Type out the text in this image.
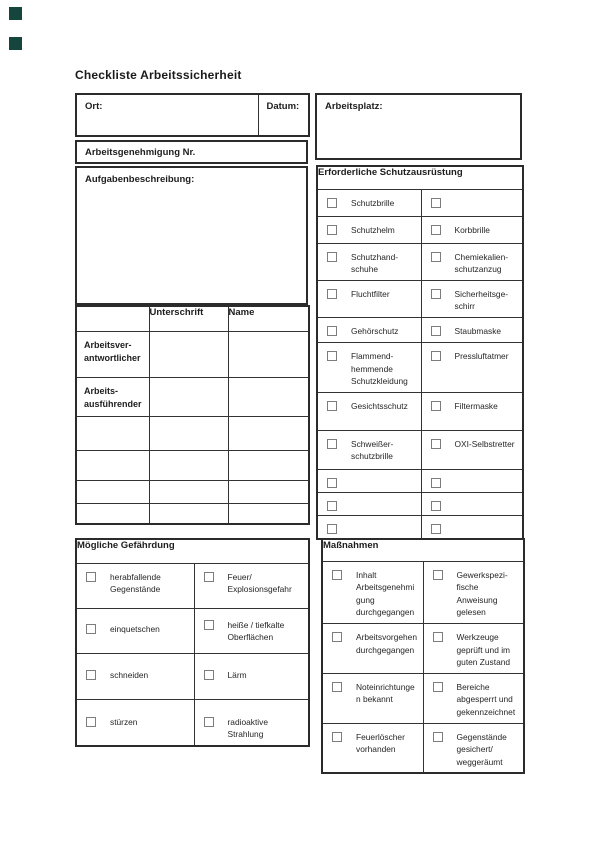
Checkliste Arbeitssicherheit
Ort:	Datum:
Arbeitsgenehmigung Nr.
Arbeitsplatz:
Aufgabenbeschreibung:
	Unterschrift	Name

Arbeitsver-antwortlicher		

Arbeits-ausführender		

Erforderliche Schutzausrüstung	

Schutzbrille	

Schutzhelm	Korbbrille

Schutzhand-schuhe	Chemiekalien-schutzanzug

Fluchtfilter	Sicherheitsge-schirr

Gehörschutz	Staubmaske

Flammend-hemmende Schutzkleidung	Pressluftatmer

Gesichtsschutz	Filtermaske

Schweißer-schutzbrille	OXI-Selbstretter

Mögliche Gefährdung	

herabfallende Gegenstände	Feuer/ Explosionsgefahr

einquetschen	heiße / tiefkalte Oberflächen

schneiden	Lärm

stürzen	radioaktive Strahlung
Maßnahmen	

Inhalt Arbeitsgenehmigung durchgegangen	Gewerkspezi-fische Anweisung gelesen

Arbeitsvorgehen durchgegangen	Werkzeuge geprüft und im guten Zustand

Noteinrichtungen bekannt	Bereiche abgesperrt und gekennzeichnet

Feuerlöscher vorhanden	Gegenstände gesichert/ weggeräumt
